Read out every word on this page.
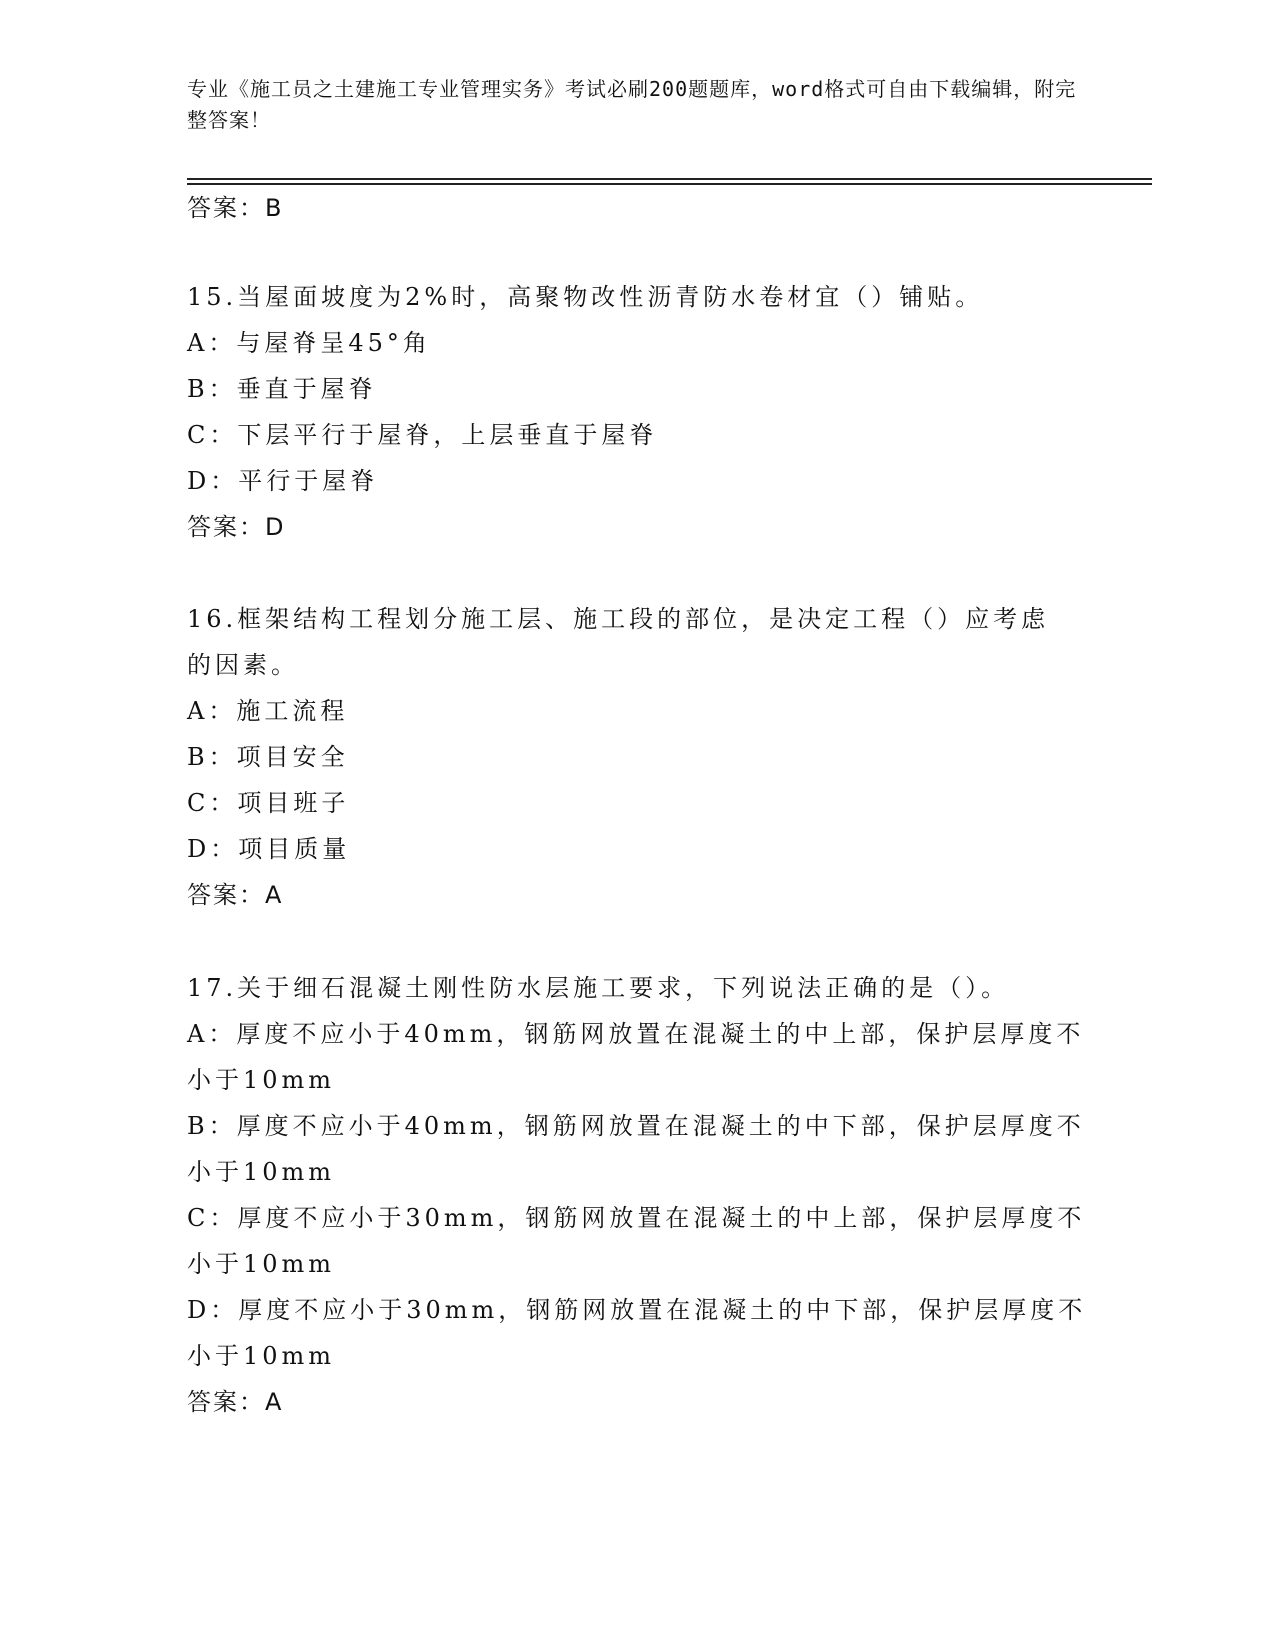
专业《施工员之土建施工专业管理实务》考试必刷200题题库，word格式可自由下载编辑，附完整答案！
答案：B
15.当屋面坡度为2%时，高聚物改性沥青防水卷材宜（）铺贴。
A：与屋脊呈45°角
B：垂直于屋脊
C：下层平行于屋脊，上层垂直于屋脊
D：平行于屋脊
答案：D
16.框架结构工程划分施工层、施工段的部位，是决定工程（）应考虑
的因素。
A：施工流程
B：项目安全
C：项目班子
D：项目质量
答案：A
17.关于细石混凝土刚性防水层施工要求，下列说法正确的是（）。
A：厚度不应小于40mm，钢筋网放置在混凝土的中上部，保护层厚度不
小于10mm
B：厚度不应小于40mm，钢筋网放置在混凝土的中下部，保护层厚度不
小于10mm
C：厚度不应小于30mm，钢筋网放置在混凝土的中上部，保护层厚度不
小于10mm
D：厚度不应小于30mm，钢筋网放置在混凝土的中下部，保护层厚度不
小于10mm
答案：A
